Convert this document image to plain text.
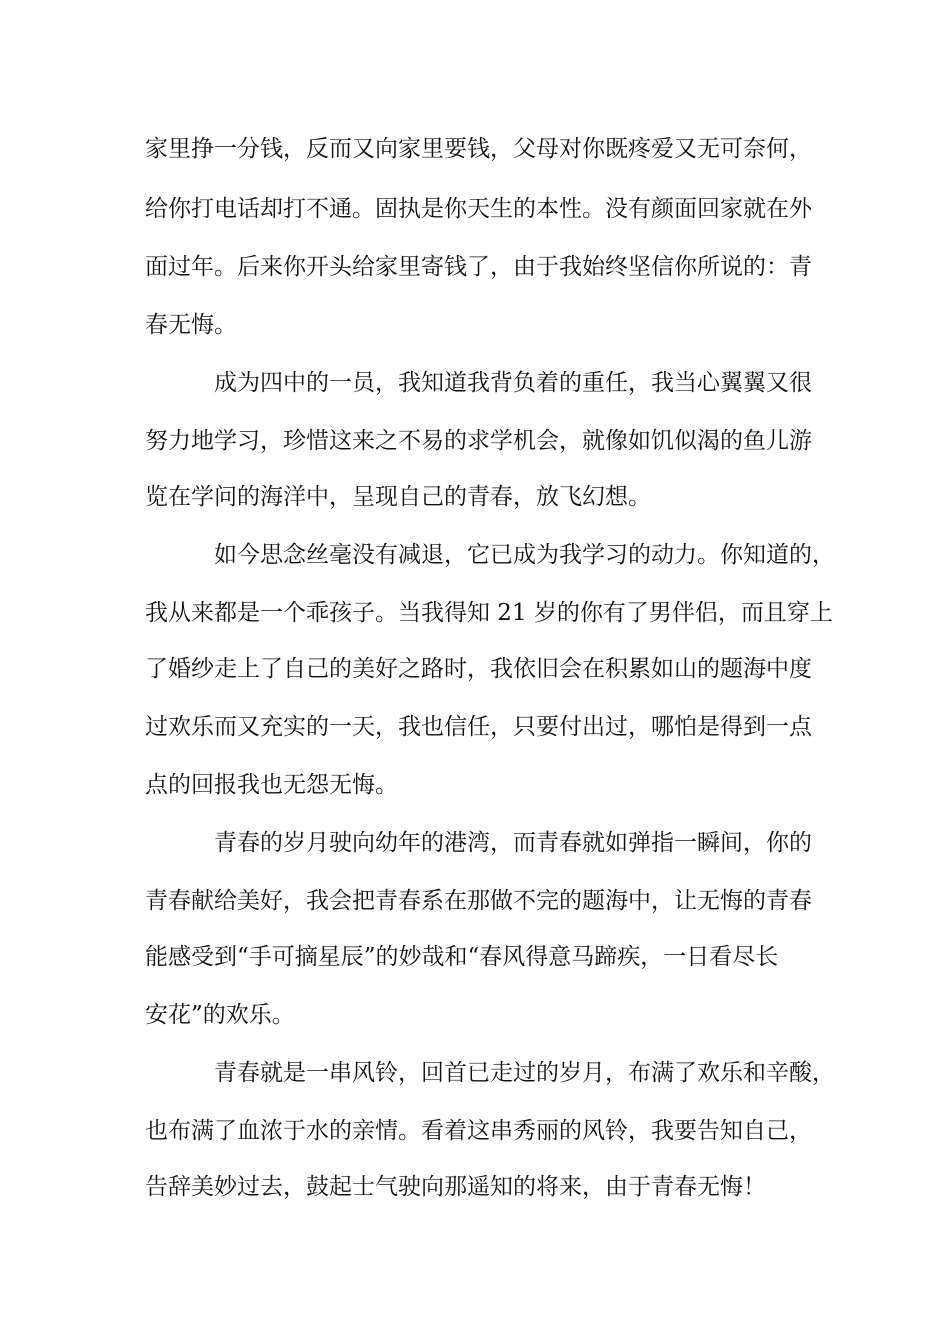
家里挣一分钱，反而又向家里要钱，父母对你既疼爱又无可奈何，
给你打电话却打不通。固执是你天生的本性。没有颜面回家就在外
面过年。后来你开头给家里寄钱了，由于我始终坚信你所说的：青
春无悔。
成为四中的一员，我知道我背负着的重任，我当心翼翼又很
努力地学习，珍惜这来之不易的求学机会，就像如饥似渴的鱼儿游
览在学问的海洋中，呈现自己的青春，放飞幻想。
如今思念丝毫没有减退，它已成为我学习的动力。你知道的，
我从来都是一个乖孩子。当我得知 21 岁的你有了男伴侣，而且穿上
了婚纱走上了自己的美好之路时，我依旧会在积累如山的题海中度
过欢乐而又充实的一天，我也信任，只要付出过，哪怕是得到一点
点的回报我也无怨无悔。
青春的岁月驶向幼年的港湾，而青春就如弹指一瞬间，你的
青春献给美好，我会把青春系在那做不完的题海中，让无悔的青春
能感受到“手可摘星辰”的妙哉和“春风得意马蹄疾，一日看尽长
安花”的欢乐。
青春就是一串风铃，回首已走过的岁月，布满了欢乐和辛酸，
也布满了血浓于水的亲情。看着这串秀丽的风铃，我要告知自己，
告辞美妙过去，鼓起士气驶向那遥知的将来，由于青春无悔！
